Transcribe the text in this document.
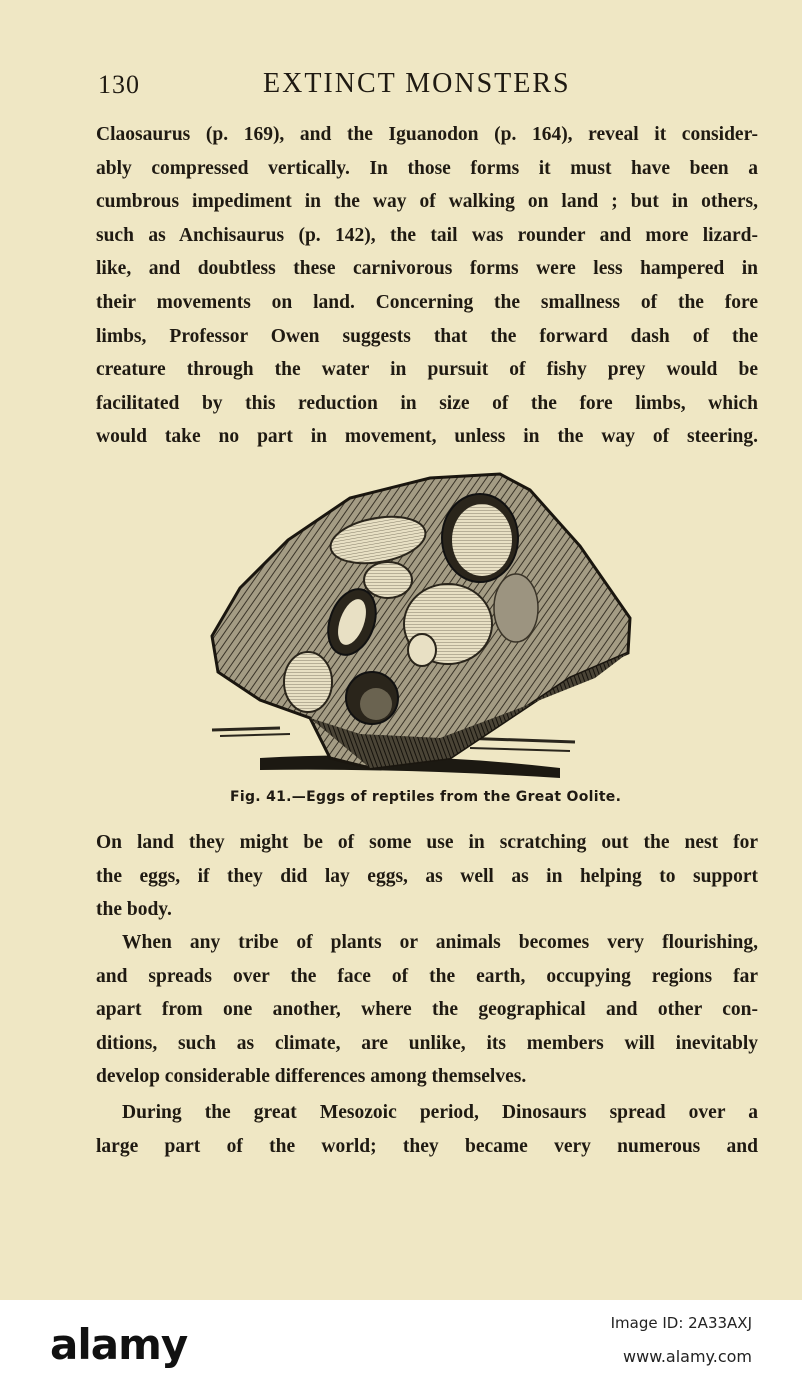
130	EXTINCT MONSTERS

Claosaurus (p. 169), and the Iguanodon (p. 164), reveal it consider-
ably compressed vertically. In those forms it must have been a
cumbrous impediment in the way of walking on land ; but in others,
such as Anchisaurus (p. 142), the tail was rounder and more lizard-
like, and doubtless these carnivorous forms were less hampered in
their movements on land. Concerning the smallness of the fore
limbs, Professor Owen suggests that the forward dash of the
creature through the water in pursuit of fishy prey would be
facilitated by this reduction in size of the fore limbs, which
would take no part in movement, unless in the way of steering.

Fig. 41.—Eggs of reptiles from the Great Oolite.

On land they might be of some use in scratching out the nest for
the eggs, if they did lay eggs, as well as in helping to support
the body.

When any tribe of plants or animals becomes very flourishing,
and spreads over the face of the earth, occupying regions far
apart from one another, where the geographical and other con-
ditions, such as climate, are unlike, its members will inevitably
develop considerable differences among themselves.

During the great Mesozoic period, Dinosaurs spread over a
large part of the world; they became very numerous and

alamy	Image ID: 2A33AXJ
www.alamy.com
